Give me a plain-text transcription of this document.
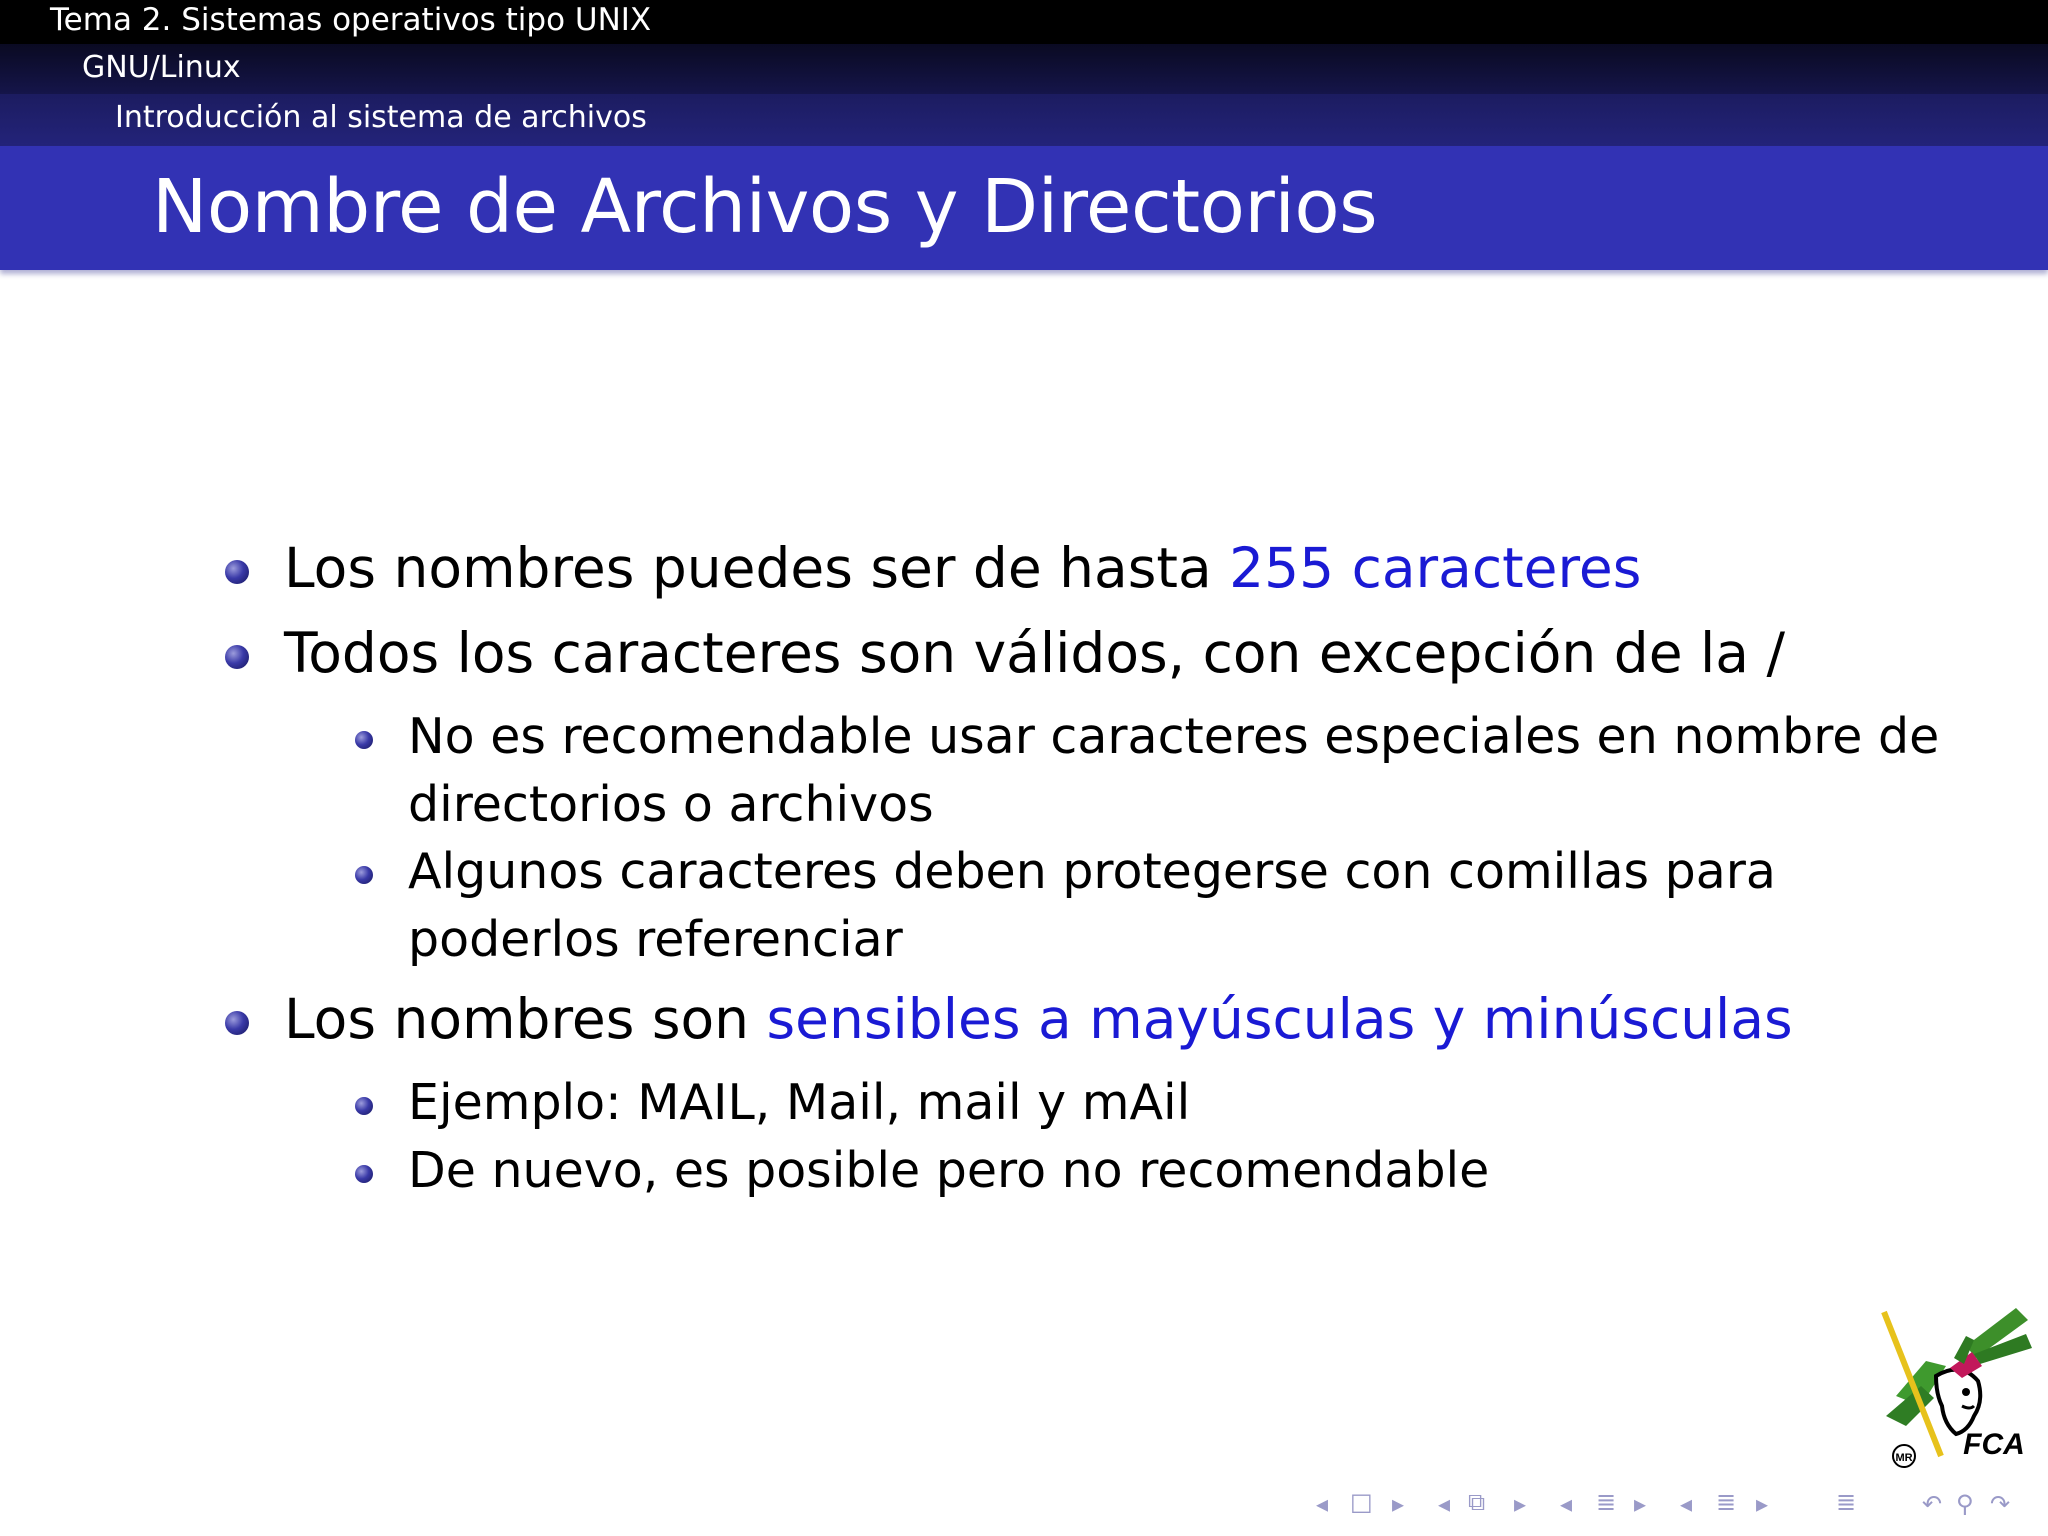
Tema 2. Sistemas operativos tipo UNIX
GNU/Linux
Introducción al sistema de archivos
Nombre de Archivos y Directorios
Los nombres puedes ser de hasta 255 caracteres
Todos los caracteres son válidos, con excepción de la /
No es recomendable usar caracteres especiales en nombre de
directorios o archivos
Algunos caracteres deben protegerse con comillas para
poderlos referenciar
Los nombres son sensibles a mayúsculas y minúsculas
Ejemplo: MAIL, Mail, mail y mAil
De nuevo, es posible pero no recomendable
MR FCA
◂ □ ▸ ◂ ⧉ ▸ ◂ ≣ ▸ ◂ ≣ ▸	≣	↶ ⚲ ↷
